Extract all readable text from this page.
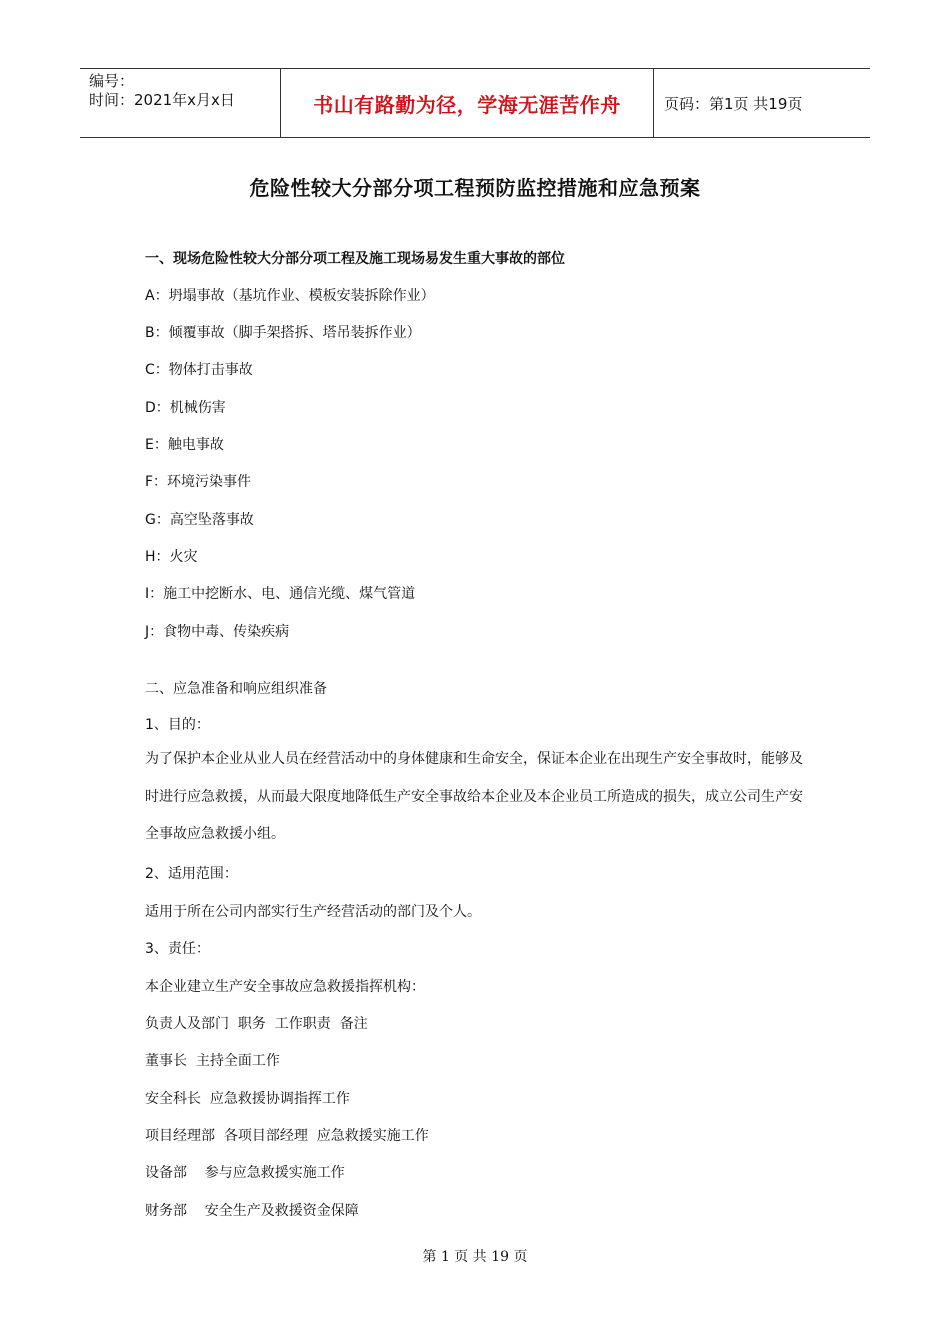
编号：
时间：2021年x月x日	书山有路勤为径，学海无涯苦作舟	页码：第1页 共19页
危险性较大分部分项工程预防监控措施和应急预案
一、现场危险性较大分部分项工程及施工现场易发生重大事故的部位
A：坍塌事故（基坑作业、模板安装拆除作业）
B：倾覆事故（脚手架搭拆、塔吊装拆作业）
C：物体打击事故
D：机械伤害
E：触电事故
F：环境污染事件
G：高空坠落事故
H：火灾
I：施工中挖断水、电、通信光缆、煤气管道
J：食物中毒、传染疾病
二、应急准备和响应组织准备
1、目的：
为了保护本企业从业人员在经营活动中的身体健康和生命安全，保证本企业在出现生产安全事故时，能够及时进行应急救援，从而最大限度地降低生产安全事故给本企业及本企业员工所造成的损失，成立公司生产安全事故应急救援小组。
2、适用范围：
适用于所在公司内部实行生产经营活动的部门及个人。
3、责任：
本企业建立生产安全事故应急救援指挥机构：
负责人及部门  职务  工作职责  备注
董事长  主持全面工作
安全科长  应急救援协调指挥工作
项目经理部  各项目部经理  应急救援实施工作
设备部    参与应急救援实施工作
财务部    安全生产及救援资金保障
第 1 页 共 19 页
